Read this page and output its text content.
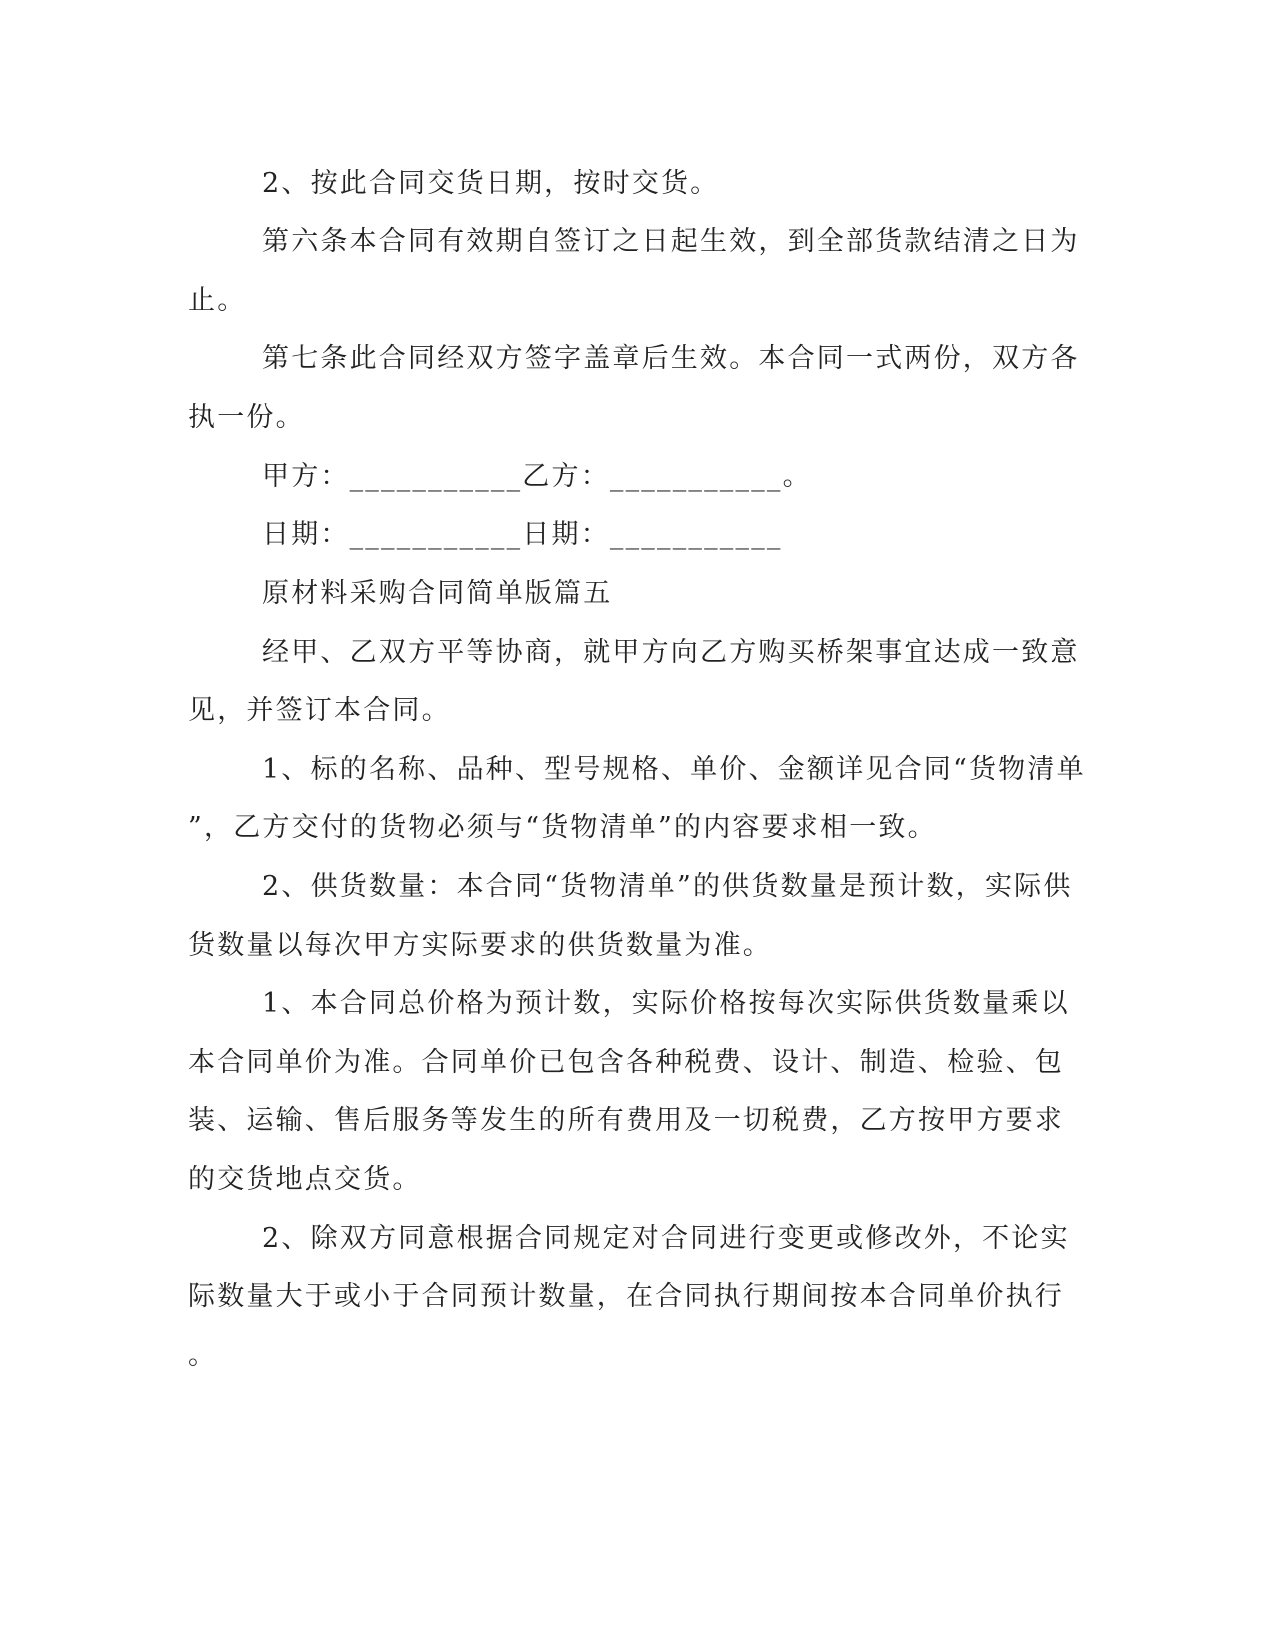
2、按此合同交货日期，按时交货。
第六条本合同有效期自签订之日起生效，到全部货款结清之日为
止。
第七条此合同经双方签字盖章后生效。本合同一式两份，双方各
执一份。
甲方：___________乙方：___________。
日期：___________日期：___________
原材料采购合同简单版篇五
经甲、乙双方平等协商，就甲方向乙方购买桥架事宜达成一致意
见，并签订本合同。
1、标的名称、品种、型号规格、单价、金额详见合同“货物清单
”，乙方交付的货物必须与“货物清单”的内容要求相一致。
2、供货数量：本合同“货物清单”的供货数量是预计数，实际供
货数量以每次甲方实际要求的供货数量为准。
1、本合同总价格为预计数，实际价格按每次实际供货数量乘以
本合同单价为准。合同单价已包含各种税费、设计、制造、检验、包
装、运输、售后服务等发生的所有费用及一切税费，乙方按甲方要求
的交货地点交货。
2、除双方同意根据合同规定对合同进行变更或修改外，不论实
际数量大于或小于合同预计数量，在合同执行期间按本合同单价执行
。
